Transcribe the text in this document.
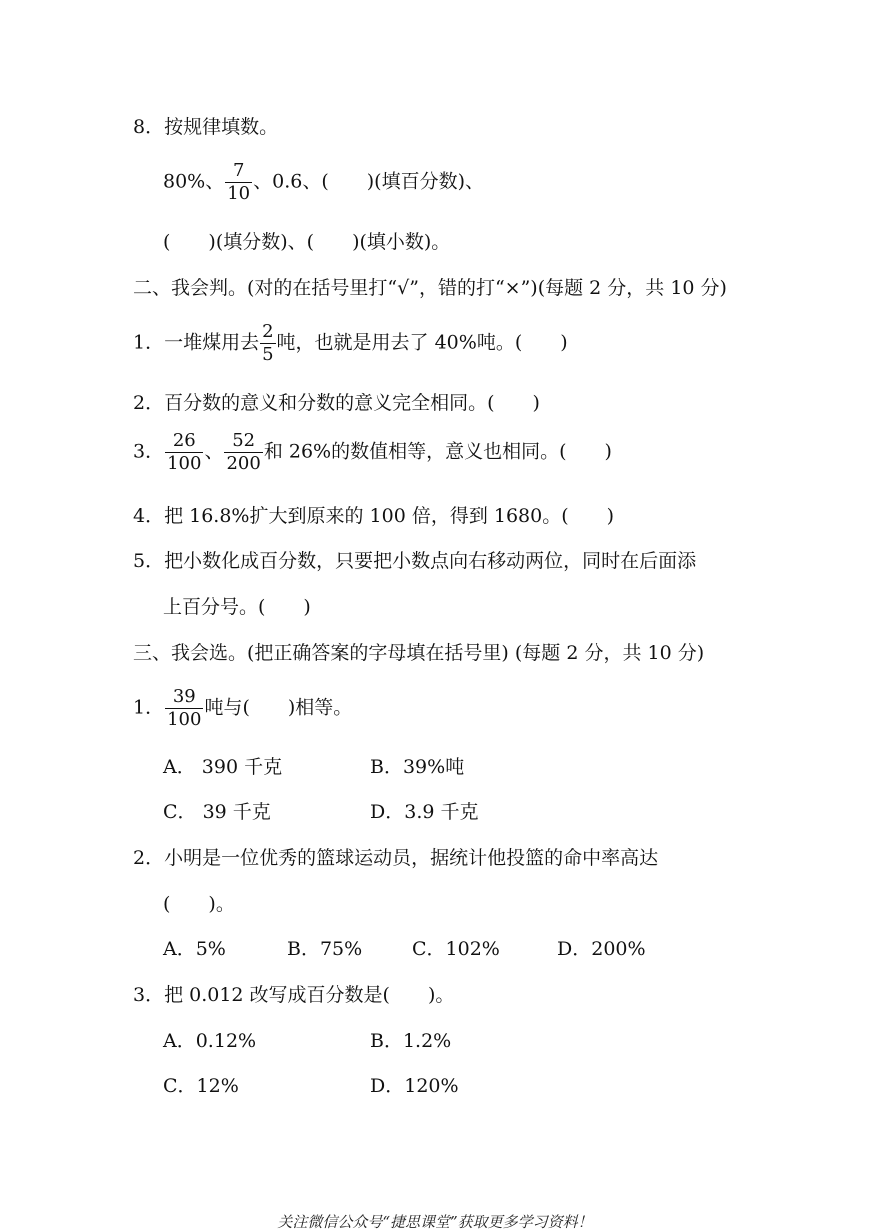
8．按规律填数。
80%、 $\frac{7}{10}$ 、0.6、(　　)(填百分数)、
(　　)(填分数)、(　　)(填小数)。
二、我会判。(对的在括号里打“√”，错的打“×”)(每题 2 分，共 10 分)
1．一堆煤用去 $\frac{2}{5}$ 吨，也就是用去了 40%吨。(　　)
2．百分数的意义和分数的意义完全相同。(　　)
3． $\frac{26}{100}$ 、 $\frac{52}{200}$ 和 26%的数值相等，意义也相同。(　　)
4．把 16.8%扩大到原来的 100 倍，得到 1680。(　　)
5．把小数化成百分数，只要把小数点向右移动两位，同时在后面添
上百分号。(　　)
三、我会选。(把正确答案的字母填在括号里) (每题 2 分，共 10 分)
1． $\frac{39}{100}$ 吨与(　　)相等。
A． 390 千克	B．39%吨
C． 39 千克	D．3.9 千克
2．小明是一位优秀的篮球运动员，据统计他投篮的命中率高达
(　　)。
A．5%	B．75%	C．102%	D．200%
3．把 0.012 改写成百分数是(　　)。
A．0.12%	B．1.2%
C．12%	D．120%
关注微信公众号“捷思课堂”获取更多学习资料！
